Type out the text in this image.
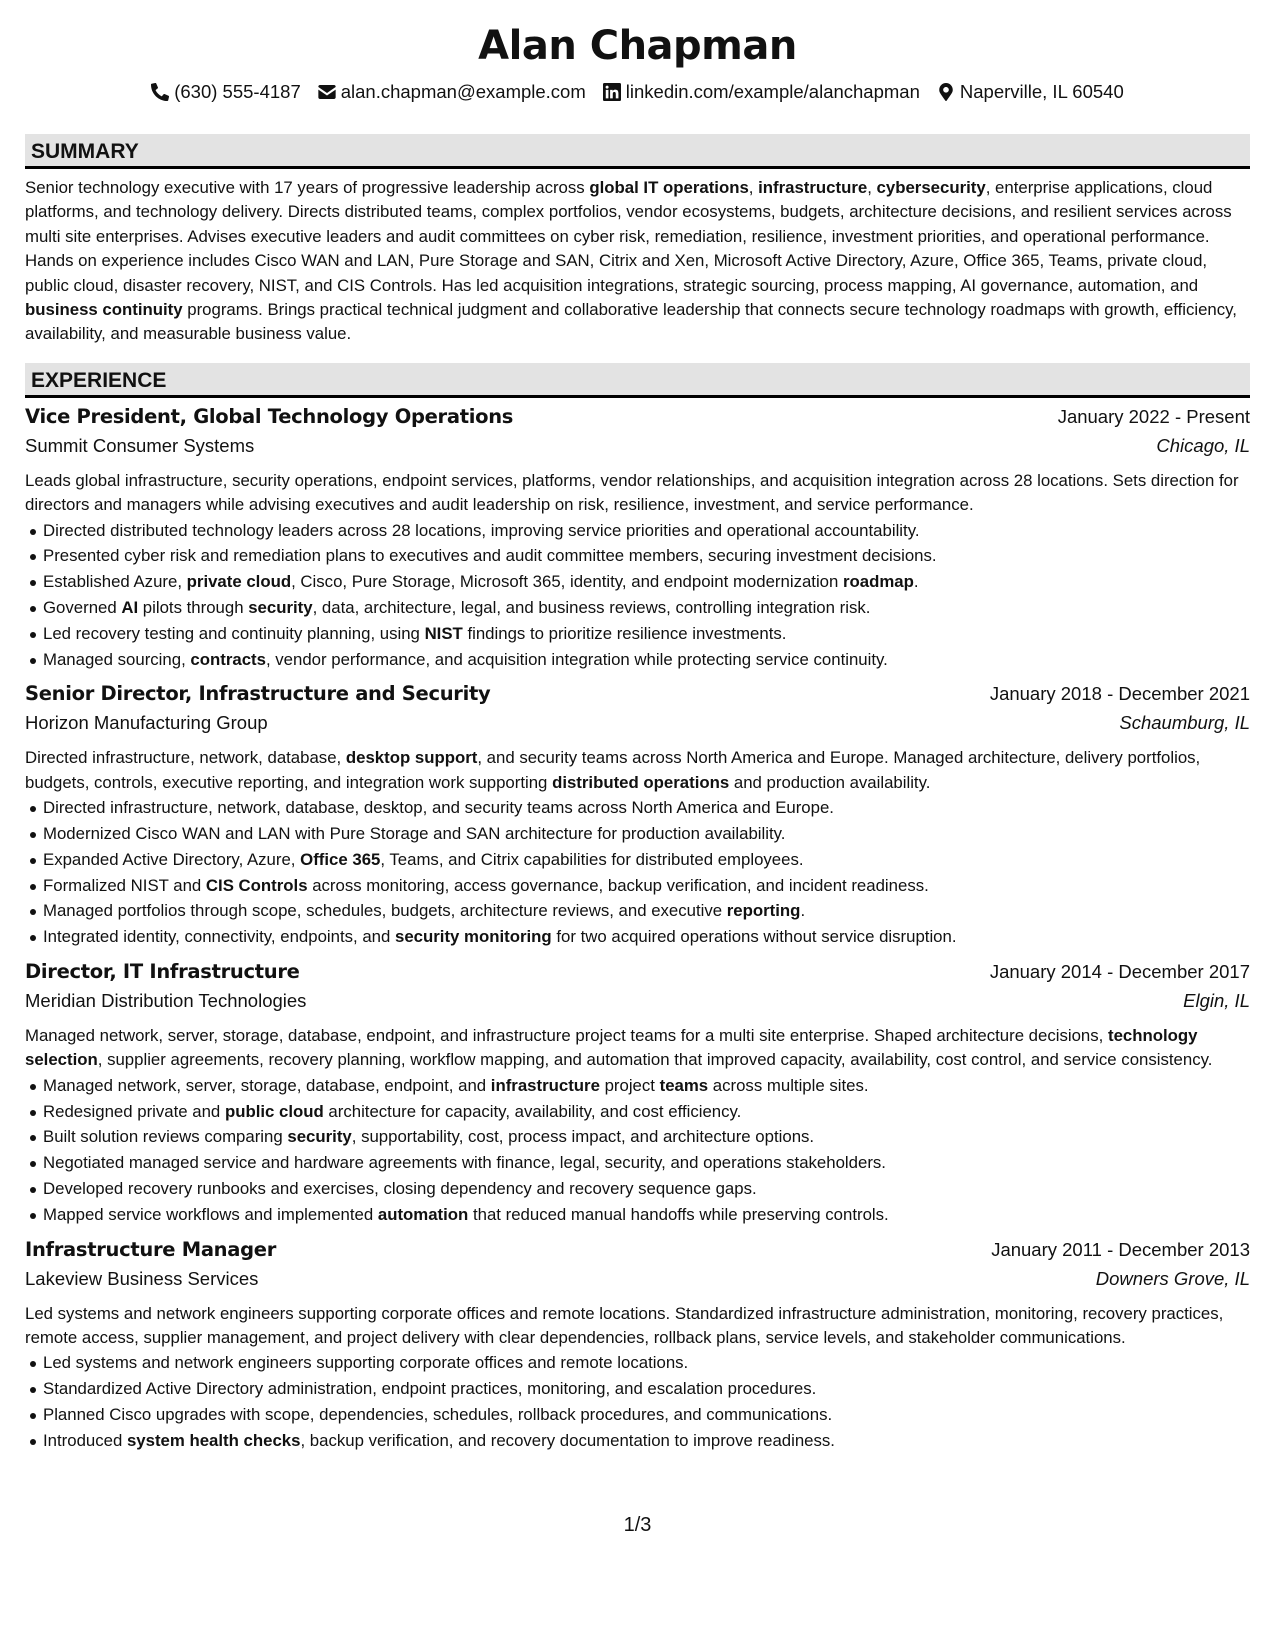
Alan Chapman
(630) 555-4187 alan.chapman@example.com linkedin.com/example/alanchapman Naperville, IL 60540
SUMMARY

Senior technology executive with 17 years of progressive leadership across global IT operations, infrastructure, cybersecurity, enterprise applications, cloud platforms, and technology delivery. Directs distributed teams, complex portfolios, vendor ecosystems, budgets, architecture decisions, and resilient services across multi site enterprises. Advises executive leaders and audit committees on cyber risk, remediation, resilience, investment priorities, and operational performance. Hands on experience includes Cisco WAN and LAN, Pure Storage and SAN, Citrix and Xen, Microsoft Active Directory, Azure, Office 365, Teams, private cloud, public cloud, disaster recovery, NIST, and CIS Controls. Has led acquisition integrations, strategic sourcing, process mapping, AI governance, automation, and business continuity programs. Brings practical technical judgment and collaborative leadership that connects secure technology roadmaps with growth, efficiency, availability, and measurable business value.

EXPERIENCE
Vice President, Global Technology Operations	January 2022 - Present
Summit Consumer Systems	Chicago, IL

Leads global infrastructure, security operations, endpoint services, platforms, vendor relationships, and acquisition integration across 28 locations. Sets direction for directors and managers while advising executives and audit leadership on risk, resilience, investment, and service performance.

Directed distributed technology leaders across 28 locations, improving service priorities and operational accountability.
Presented cyber risk and remediation plans to executives and audit committee members, securing investment decisions.
Established Azure, private cloud, Cisco, Pure Storage, Microsoft 365, identity, and endpoint modernization roadmap.
Governed AI pilots through security, data, architecture, legal, and business reviews, controlling integration risk.
Led recovery testing and continuity planning, using NIST findings to prioritize resilience investments.
Managed sourcing, contracts, vendor performance, and acquisition integration while protecting service continuity.
Senior Director, Infrastructure and Security	January 2018 - December 2021
Horizon Manufacturing Group	Schaumburg, IL

Directed infrastructure, network, database, desktop support, and security teams across North America and Europe. Managed architecture, delivery portfolios, budgets, controls, executive reporting, and integration work supporting distributed operations and production availability.

Directed infrastructure, network, database, desktop, and security teams across North America and Europe.
Modernized Cisco WAN and LAN with Pure Storage and SAN architecture for production availability.
Expanded Active Directory, Azure, Office 365, Teams, and Citrix capabilities for distributed employees.
Formalized NIST and CIS Controls across monitoring, access governance, backup verification, and incident readiness.
Managed portfolios through scope, schedules, budgets, architecture reviews, and executive reporting.
Integrated identity, connectivity, endpoints, and security monitoring for two acquired operations without service disruption.
Director, IT Infrastructure	January 2014 - December 2017
Meridian Distribution Technologies	Elgin, IL

Managed network, server, storage, database, endpoint, and infrastructure project teams for a multi site enterprise. Shaped architecture decisions, technology selection, supplier agreements, recovery planning, workflow mapping, and automation that improved capacity, availability, cost control, and service consistency.

Managed network, server, storage, database, endpoint, and infrastructure project teams across multiple sites.
Redesigned private and public cloud architecture for capacity, availability, and cost efficiency.
Built solution reviews comparing security, supportability, cost, process impact, and architecture options.
Negotiated managed service and hardware agreements with finance, legal, security, and operations stakeholders.
Developed recovery runbooks and exercises, closing dependency and recovery sequence gaps.
Mapped service workflows and implemented automation that reduced manual handoffs while preserving controls.
Infrastructure Manager	January 2011 - December 2013
Lakeview Business Services	Downers Grove, IL

Led systems and network engineers supporting corporate offices and remote locations. Standardized infrastructure administration, monitoring, recovery practices, remote access, supplier management, and project delivery with clear dependencies, rollback plans, service levels, and stakeholder communications.

Led systems and network engineers supporting corporate offices and remote locations.
Standardized Active Directory administration, endpoint practices, monitoring, and escalation procedures.
Planned Cisco upgrades with scope, dependencies, schedules, rollback procedures, and communications.
Introduced system health checks, backup verification, and recovery documentation to improve readiness.
1/3
